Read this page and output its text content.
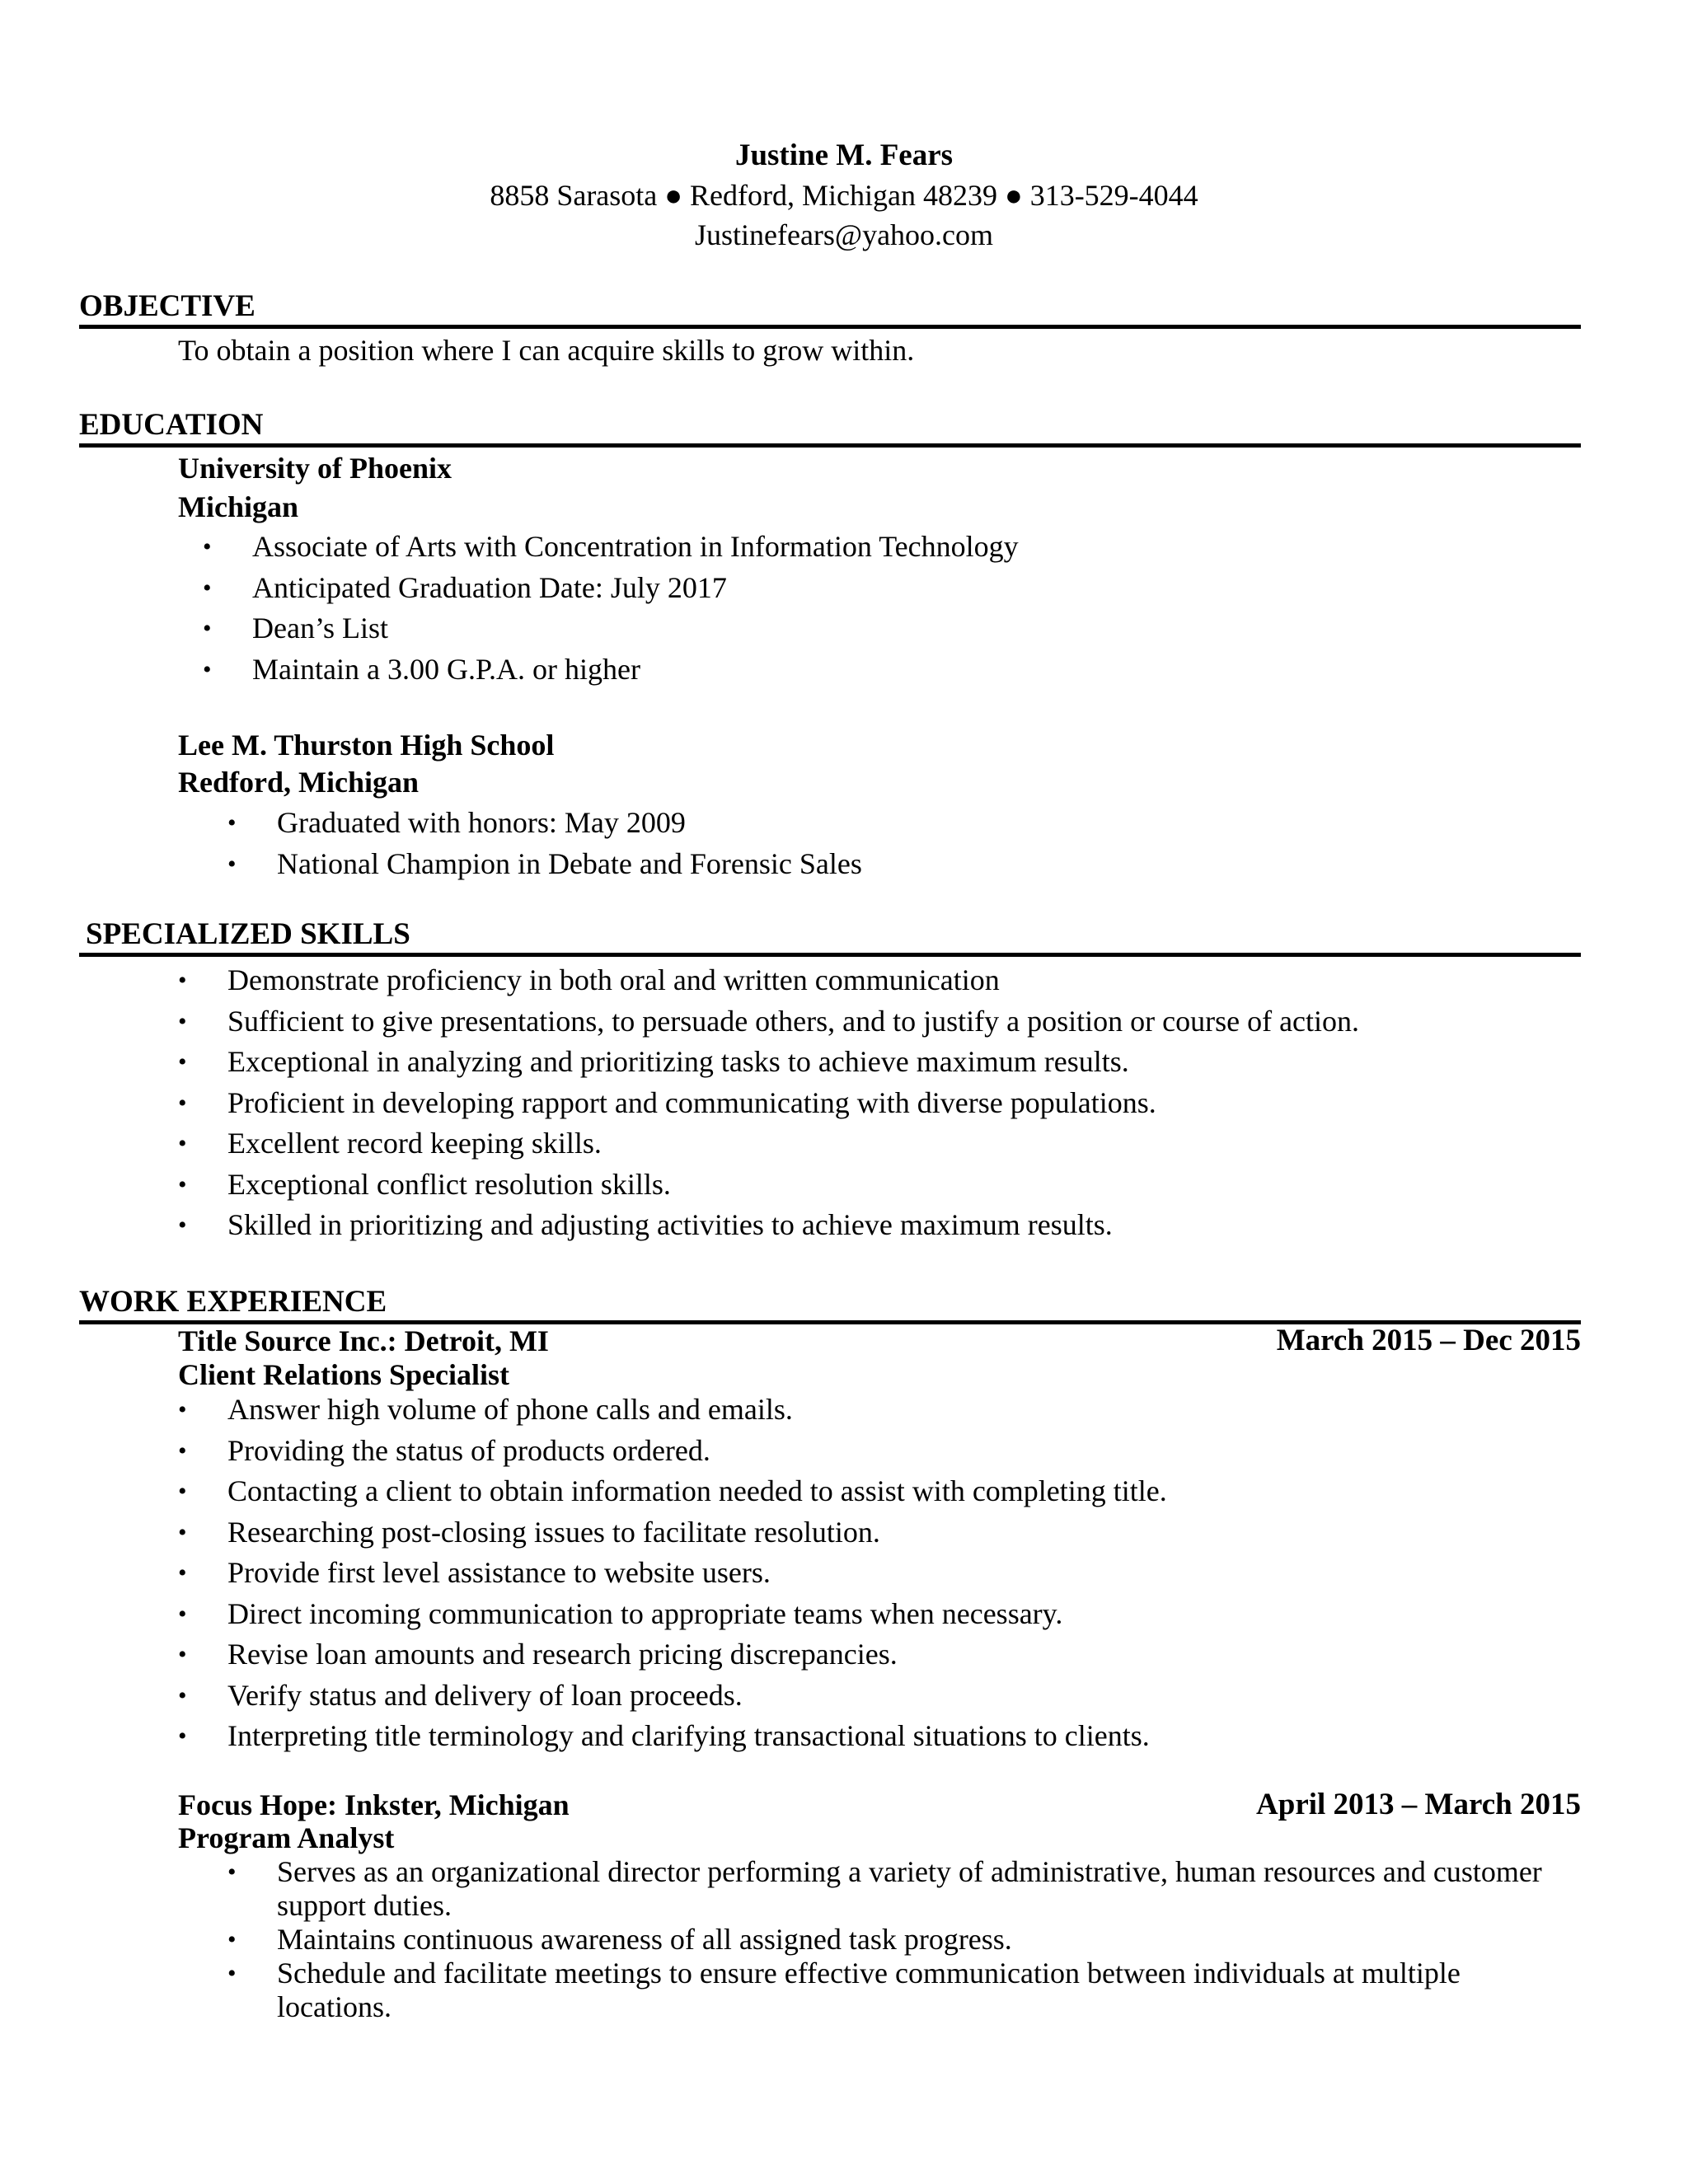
Justine M. Fears
8858 Sarasota ● Redford, Michigan 48239 ● 313-529-4044
Justinefears@yahoo.com
OBJECTIVE
To obtain a position where I can acquire skills to grow within.
EDUCATION
University of Phoenix
Michigan
• Associate of Arts with Concentration in Information Technology
• Anticipated Graduation Date: July 2017
• Dean’s List
• Maintain a 3.00 G.P.A. or higher
Lee M. Thurston High School
Redford, Michigan
• Graduated with honors: May 2009
• National Champion in Debate and Forensic Sales
SPECIALIZED SKILLS
• Demonstrate proficiency in both oral and written communication
• Sufficient to give presentations, to persuade others, and to justify a position or course of action.
• Exceptional in analyzing and prioritizing tasks to achieve maximum results.
• Proficient in developing rapport and communicating with diverse populations.
• Excellent record keeping skills.
• Exceptional conflict resolution skills.
• Skilled in prioritizing and adjusting activities to achieve maximum results.
WORK EXPERIENCE
Title Source Inc.: Detroit, MI	March 2015 – Dec 2015
Client Relations Specialist
• Answer high volume of phone calls and emails.
• Providing the status of products ordered.
• Contacting a client to obtain information needed to assist with completing title.
• Researching post-closing issues to facilitate resolution.
• Provide first level assistance to website users.
• Direct incoming communication to appropriate teams when necessary.
• Revise loan amounts and research pricing discrepancies.
• Verify status and delivery of loan proceeds.
• Interpreting title terminology and clarifying transactional situations to clients.
Focus Hope: Inkster, Michigan	April 2013 – March 2015
Program Analyst
• Serves as an organizational director performing a variety of administrative, human resources and customer support duties.
• Maintains continuous awareness of all assigned task progress.
• Schedule and facilitate meetings to ensure effective communication between individuals at multiple locations.
